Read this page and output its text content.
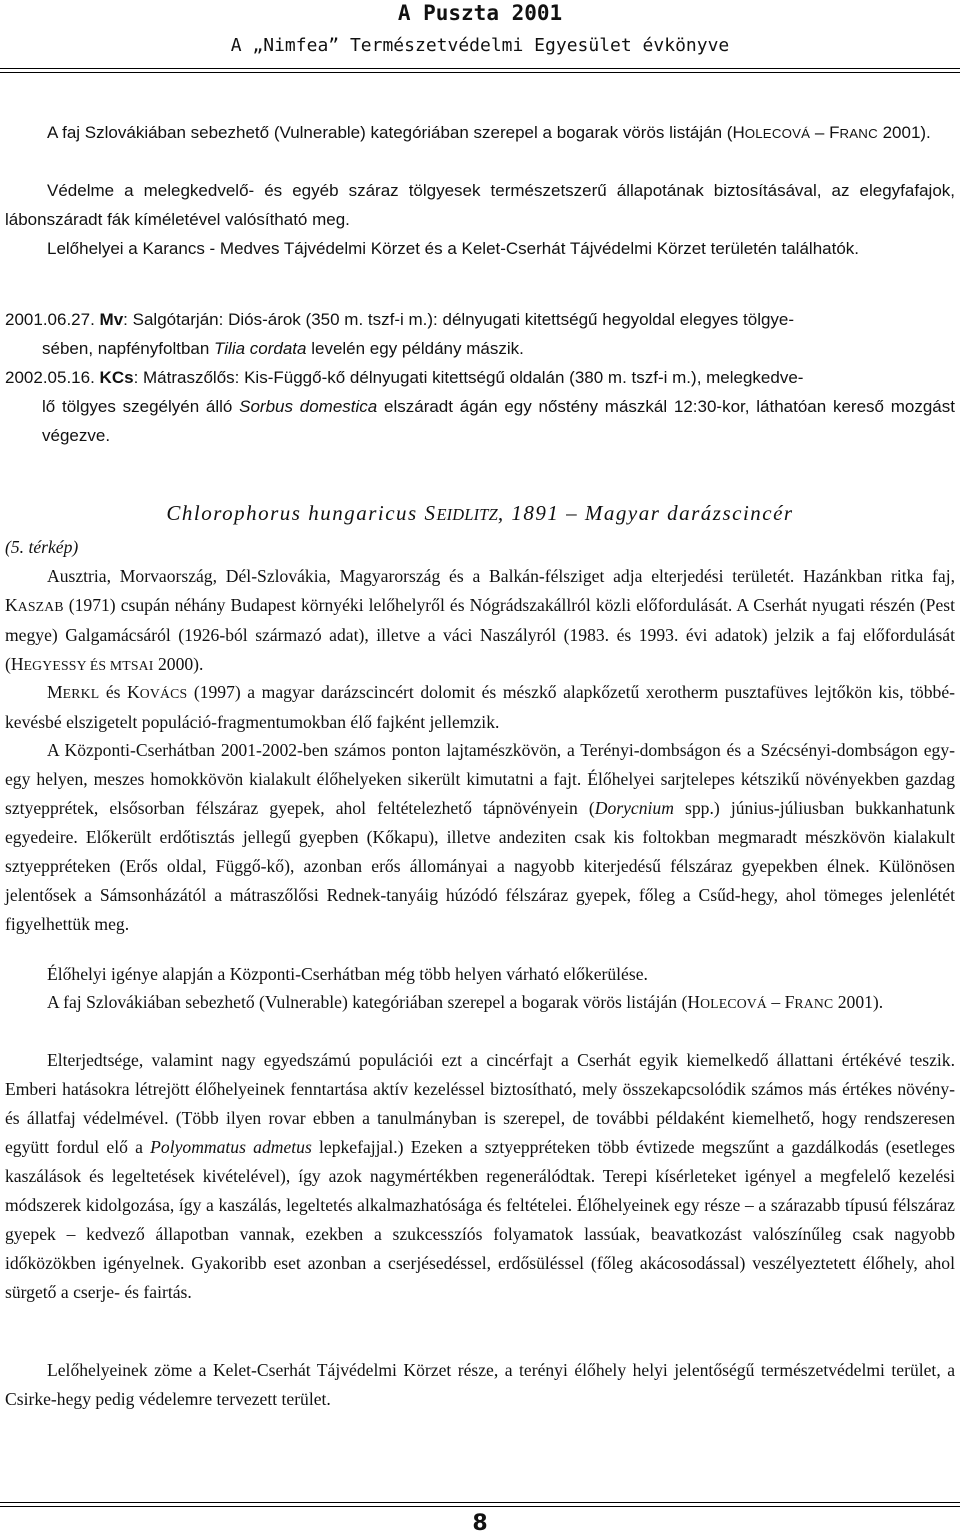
A Puszta 2001
A „Nimfea” Természetvédelmi Egyesület évkönyve

A faj Szlovákiában sebezhető (Vulnerable) kategóriában szerepel a bogarak vörös listáján (HOLECOVÁ – FRANC 2001).

Védelme a melegkedvelő- és egyéb száraz tölgyesek természetszerű állapotának biztosításával, az elegyfafajok, lábonszáradt fák kíméletével valósítható meg.

Lelőhelyei a Karancs - Medves Tájvédelmi Körzet és a Kelet-Cserhát Tájvédelmi Körzet területén találhatók.

2001.06.27. Mv: Salgótarján: Diós-árok (350 m. tszf-i m.): délnyugati kitettségű hegyoldal elegyes tölgye-
sében, napfényfoltban Tilia cordata levelén egy példány mászik.
2002.05.16. KCs: Mátraszőlős: Kis-Függő-kő délnyugati kitettségű oldalán (380 m. tszf-i m.), melegkedve-
lő tölgyes szegélyén álló Sorbus domestica elszáradt ágán egy nőstény mászkál 12:30-kor, láthatóan kereső mozgást végezve.

Chlorophorus hungaricus SEIDLITZ, 1891 – Magyar darázscincér

(5. térkép)

Ausztria, Morvaország, Dél-Szlovákia, Magyarország és a Balkán-félsziget adja elterjedési területét. Hazánkban ritka faj, KASZAB (1971) csupán néhány Budapest környéki lelőhelyről és Nógrádszakállról közli előfordulását. A Cserhát nyugati részén (Pest megye) Galgamácsáról (1926-ból származó adat), illetve a váci Naszályról (1983. és 1993. évi adatok) jelzik a faj előfordulását (HEGYESSY ÉS MTSAI 2000).

MERKL és KOVÁCS (1997) a magyar darázscincért dolomit és mészkő alapkőzetű xerotherm pusztafüves lejtőkön kis, többé-kevésbé elszigetelt populáció-fragmentumokban élő fajként jellemzik.

A Központi-Cserhátban 2001-2002-ben számos ponton lajtamészkövön, a Terényi-dombságon és a Szécsényi-dombságon egy-egy helyen, meszes homokkövön kialakult élőhelyeken sikerült kimutatni a fajt. Élőhelyei sarjtelepes kétszikű növényekben gazdag sztyepprétek, elsősorban félszáraz gyepek, ahol feltételezhető tápnövényein (Dorycnium spp.) június-júliusban bukkanhatunk egyedeire. Előkerült erdőtisztás jellegű gyepben (Kőkapu), illetve andeziten csak kis foltokban megmaradt mészkövön kialakult sztyeppréteken (Erős oldal, Függő-kő), azonban erős állományai a nagyobb kiterjedésű félszáraz gyepekben élnek. Különösen jelentősek a Sámsonházától a mátraszőlősi Rednek-tanyáig húzódó félszáraz gyepek, főleg a Csűd-hegy, ahol tömeges jelenlétét figyelhettük meg.

Élőhelyi igénye alapján a Központi-Cserhátban még több helyen várható előkerülése.

A faj Szlovákiában sebezhető (Vulnerable) kategóriában szerepel a bogarak vörös listáján (HOLECOVÁ – FRANC 2001).

Elterjedtsége, valamint nagy egyedszámú populációi ezt a cincérfajt a Cserhát egyik kiemelkedő állattani értékévé teszik. Emberi hatásokra létrejött élőhelyeinek fenntartása aktív kezeléssel biztosítható, mely összekapcsolódik számos más értékes növény- és állatfaj védelmével. (Több ilyen rovar ebben a tanulmányban is szerepel, de további példaként kiemelhető, hogy rendszeresen együtt fordul elő a Polyommatus admetus lepkefajjal.) Ezeken a sztyeppréteken több évtizede megszűnt a gazdálkodás (esetleges kaszálások és legeltetések kivételével), így azok nagymértékben regenerálódtak. Terepi kísérleteket igényel a megfelelő kezelési módszerek kidolgozása, így a kaszálás, legeltetés alkalmazhatósága és feltételei. Élőhelyeinek egy része – a szárazabb típusú félszáraz gyepek – kedvező állapotban vannak, ezekben a szukcesszíós folyamatok lassúak, beavatkozást valószínűleg csak nagyobb időközökben igényelnek. Gyakoribb eset azonban a cserjésedéssel, erdősüléssel (főleg akácosodással) veszélyeztetett élőhely, ahol sürgető a cserje- és fairtás.

Lelőhelyeinek zöme a Kelet-Cserhát Tájvédelmi Körzet része, a terényi élőhely helyi jelentőségű természetvédelmi terület, a Csirke-hegy pedig védelemre tervezett terület.

8
